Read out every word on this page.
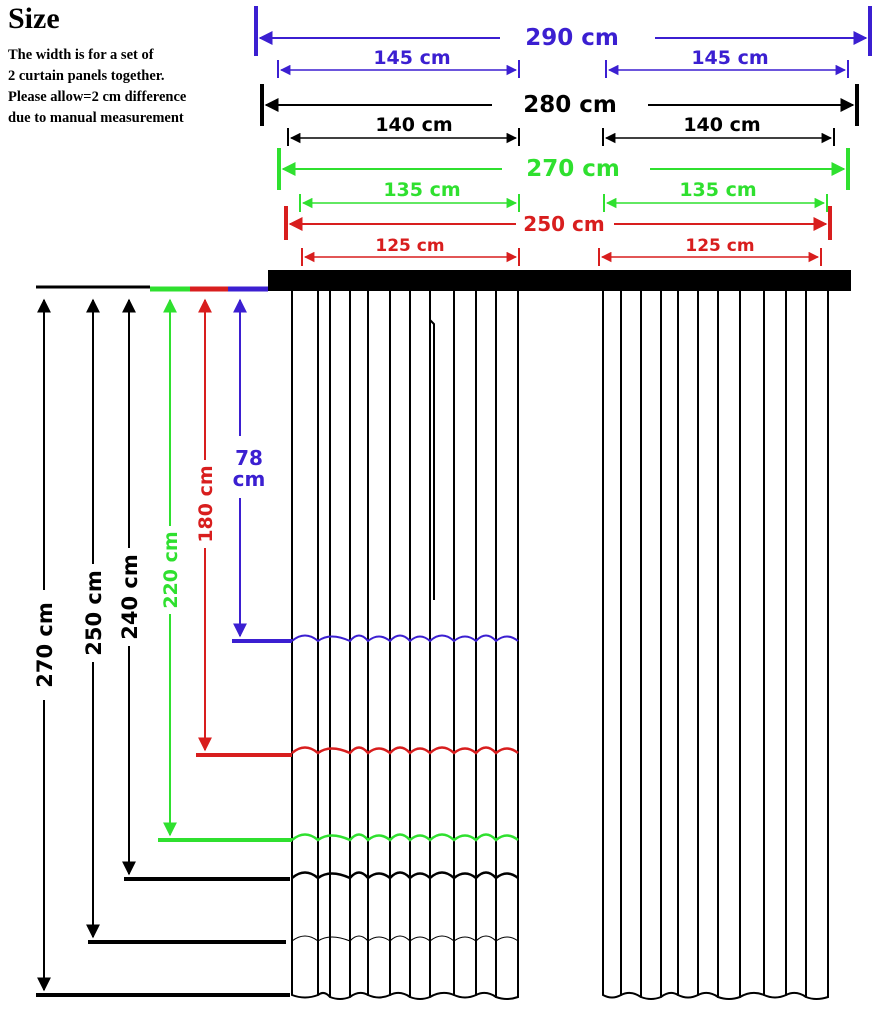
Size
The width is for a set of
2 curtain panels together.
Please allow=2 cm difference
due to manual measurement
290 cm
145 cm	145 cm
280 cm
140 cm	140 cm
270 cm
135 cm	135 cm
250 cm
125 cm	125 cm
270 cm 250 cm 240 cm 220 cm
180 cm
78
cm
